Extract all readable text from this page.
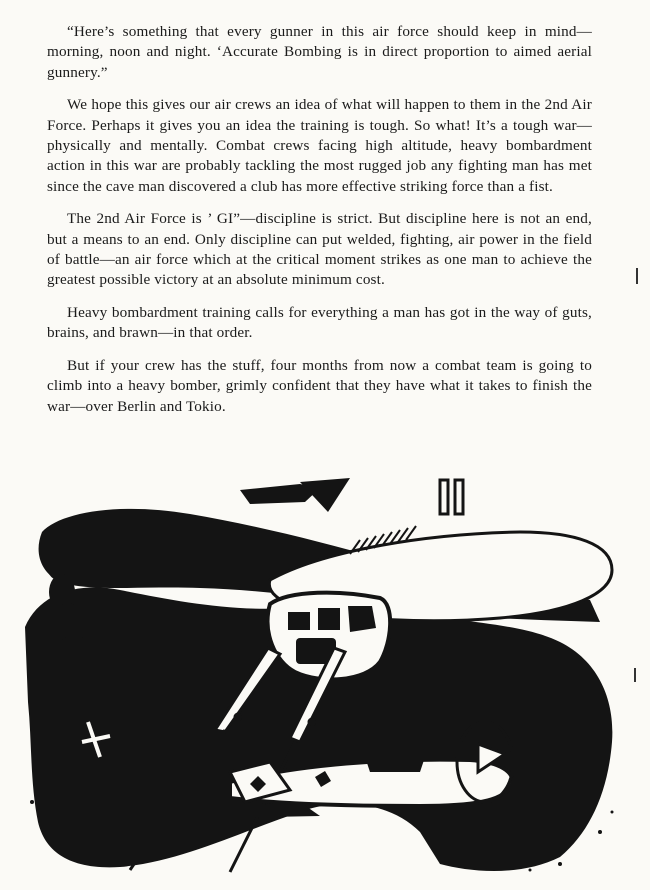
“Here’s something that every gunner in this air force should keep in mind—morning, noon and night. ‘Accurate Bombing is in direct proportion to aimed aerial gunnery.”

We hope this gives our air crews an idea of what will happen to them in the 2nd Air Force. Perhaps it gives you an idea the training is tough. So what! It’s a tough war—physically and mentally. Combat crews facing high altitude, heavy bombardment action in this war are probably tackling the most rugged job any fighting man has met since the cave man discovered a club has more effective striking force than a fist.

The 2nd Air Force is ’ GI”—discipline is strict. But discipline here is not an end, but a means to an end. Only discipline can put welded, fighting, air power in the field of battle—an air force which at the critical moment strikes as one man to achieve the greatest possible victory at an absolute minimum cost.

Heavy bombardment training calls for everything a man has got in the way of guts, brains, and brawn—in that order.

But if your crew has the stuff, four months from now a combat team is going to climb into a heavy bomber, grimly confident that they have what it takes to finish the war—over Berlin and Tokio.
